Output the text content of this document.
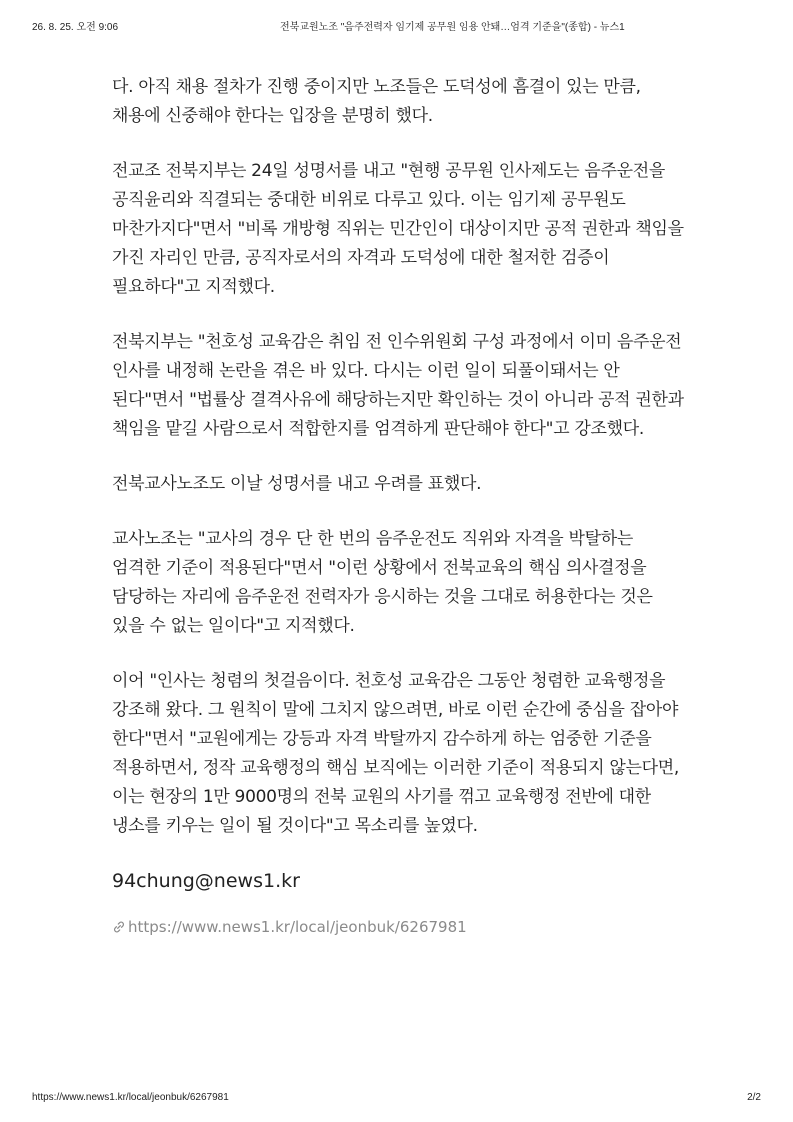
26. 8. 25. 오전 9:06	전북교원노조 "음주전력자 임기제 공무원 임용 안돼…엄격 기준을"(종합) - 뉴스1

다. 아직 채용 절차가 진행 중이지만 노조들은 도덕성에 흠결이 있는 만큼, 채용에 신중해야 한다는 입장을 분명히 했다.

전교조 전북지부는 24일 성명서를 내고 "현행 공무원 인사제도는 음주운전을 공직윤리와 직결되는 중대한 비위로 다루고 있다. 이는 임기제 공무원도 마찬가지다"면서 "비록 개방형 직위는 민간인이 대상이지만 공적 권한과 책임을 가진 자리인 만큼, 공직자로서의 자격과 도덕성에 대한 철저한 검증이 필요하다"고 지적했다.

전북지부는 "천호성 교육감은 취임 전 인수위원회 구성 과정에서 이미 음주운전 인사를 내정해 논란을 겪은 바 있다. 다시는 이런 일이 되풀이돼서는 안 된다"면서 "법률상 결격사유에 해당하는지만 확인하는 것이 아니라 공적 권한과 책임을 맡길 사람으로서 적합한지를 엄격하게 판단해야 한다"고 강조했다.

전북교사노조도 이날 성명서를 내고 우려를 표했다.

교사노조는 "교사의 경우 단 한 번의 음주운전도 직위와 자격을 박탈하는 엄격한 기준이 적용된다"면서 "이런 상황에서 전북교육의 핵심 의사결정을 담당하는 자리에 음주운전 전력자가 응시하는 것을 그대로 허용한다는 것은 있을 수 없는 일이다"고 지적했다.

이어 "인사는 청렴의 첫걸음이다. 천호성 교육감은 그동안 청렴한 교육행정을 강조해 왔다. 그 원칙이 말에 그치지 않으려면, 바로 이런 순간에 중심을 잡아야 한다"면서 "교원에게는 강등과 자격 박탈까지 감수하게 하는 엄중한 기준을 적용하면서, 정작 교육행정의 핵심 보직에는 이러한 기준이 적용되지 않는다면, 이는 현장의 1만 9000명의 전북 교원의 사기를 꺾고 교육행정 전반에 대한 냉소를 키우는 일이 될 것이다"고 목소리를 높였다.

94chung@news1.kr
https://www.news1.kr/local/jeonbuk/6267981
https://www.news1.kr/local/jeonbuk/6267981	2/2
